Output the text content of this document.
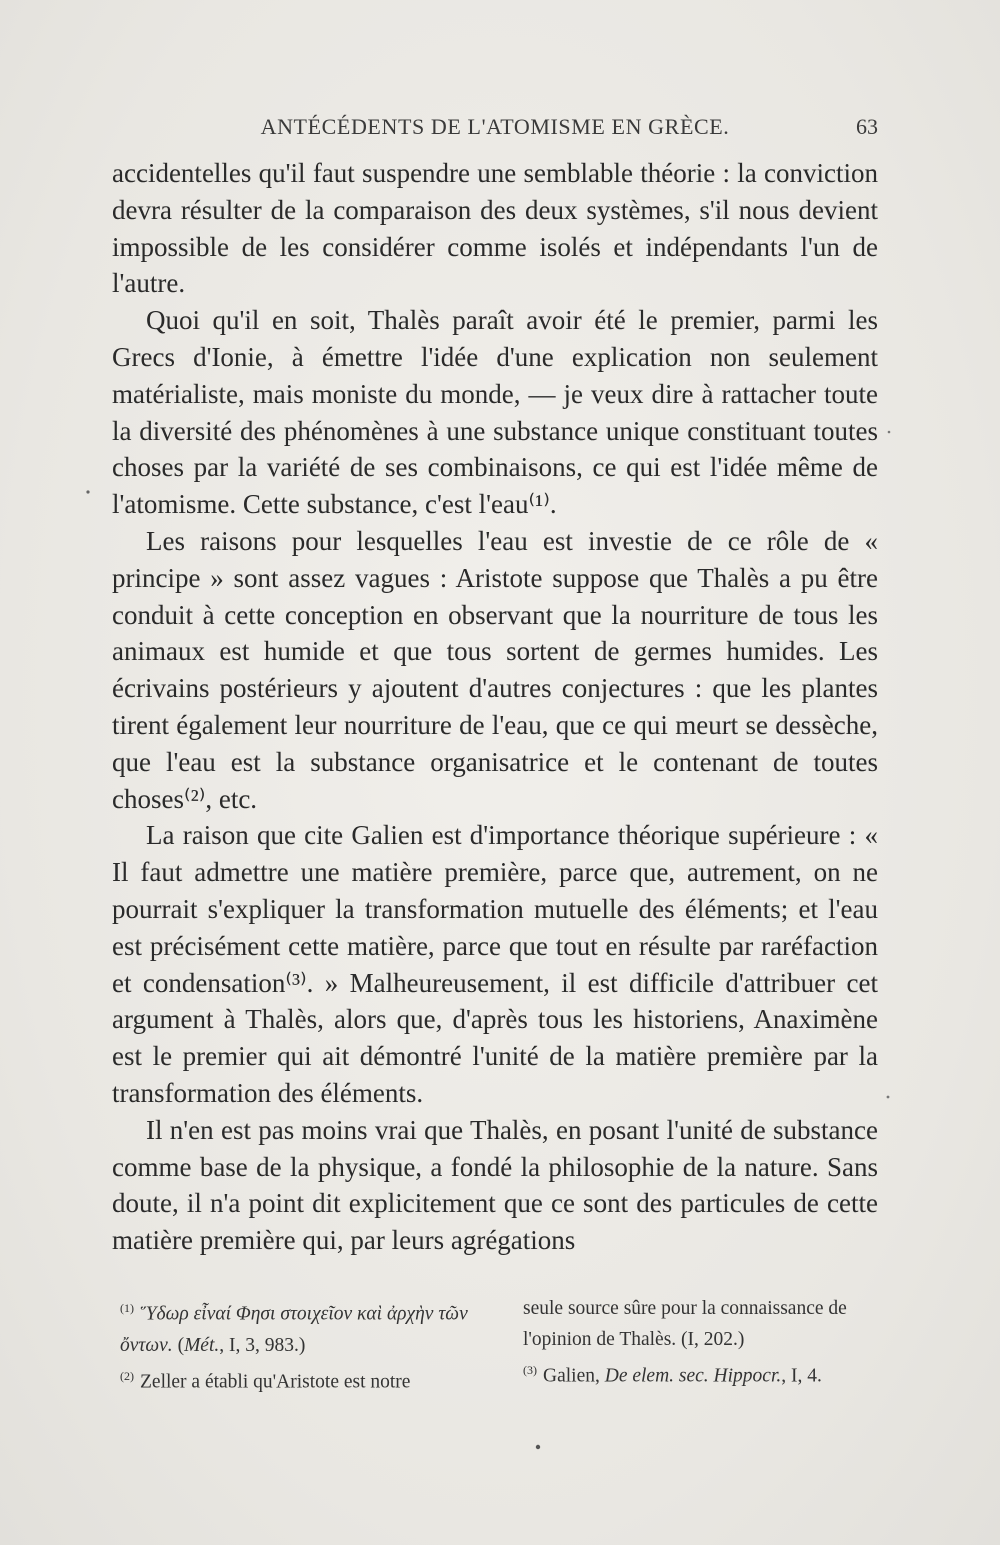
ANTÉCÉDENTS DE L'ATOMISME EN GRÈCE.	63

accidentelles qu'il faut suspendre une semblable théorie : la conviction devra résulter de la comparaison des deux systèmes, s'il nous devient impossible de les considérer comme isolés et indépendants l'un de l'autre.

Quoi qu'il en soit, Thalès paraît avoir été le premier, parmi les Grecs d'Ionie, à émettre l'idée d'une explication non seulement matérialiste, mais moniste du monde, — je veux dire à rattacher toute la diversité des phénomènes à une substance unique constituant toutes choses par la variété de ses combinaisons, ce qui est l'idée même de l'atomisme. Cette substance, c'est l'eau⁽¹⁾.

Les raisons pour lesquelles l'eau est investie de ce rôle de « principe » sont assez vagues : Aristote suppose que Thalès a pu être conduit à cette conception en observant que la nourriture de tous les animaux est humide et que tous sortent de germes humides. Les écrivains postérieurs y ajoutent d'autres conjectures : que les plantes tirent également leur nourriture de l'eau, que ce qui meurt se dessèche, que l'eau est la substance organisatrice et le contenant de toutes choses⁽²⁾, etc.

La raison que cite Galien est d'importance théorique supérieure : « Il faut admettre une matière première, parce que, autrement, on ne pourrait s'expliquer la transformation mutuelle des éléments; et l'eau est précisément cette matière, parce que tout en résulte par raréfaction et condensation⁽³⁾. » Malheureusement, il est difficile d'attribuer cet argument à Thalès, alors que, d'après tous les historiens, Anaximène est le premier qui ait démontré l'unité de la matière première par la transformation des éléments.

Il n'en est pas moins vrai que Thalès, en posant l'unité de substance comme base de la physique, a fondé la philosophie de la nature. Sans doute, il n'a point dit explicitement que ce sont des particules de cette matière première qui, par leurs agrégations

$^{(1)}$ Ὕδωρ εἶναί Φησι στοιχεῖον καὶ ἀρχὴν τῶν ὄντων. (Mét., I, 3, 983.)

$^{(2)}$ Zeller a établi qu'Aristote est notre

seule source sûre pour la connaissance de l'opinion de Thalès. (I, 202.)

$^{(3)}$ Galien, De elem. sec. Hippocr., I, 4.
